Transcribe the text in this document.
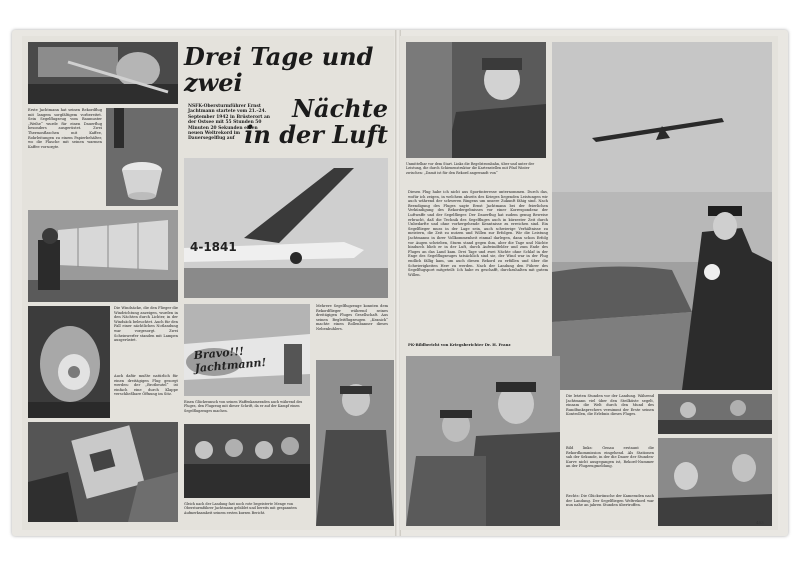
Erste Jachtmann hat seinen Rekordflug mit langem sorgfältigem vorbereitet. Sein Segelflugzeug vom Baumuster „Weihe“ wurde für einen Dauerflug besonders ausgerüstet. Zwei Thermosflaschen mit Kaffee, Rohrleitungen zu einem Papierbehälter, wo die Flasche mit seinen warmen Kaffee vorsorgte.
Die Windsäcke, die den Flieger die Windrichtung anzeigen, wurden in den Nächten durch Lichter, in der Windsäck beleuchtet. Auch für den Fall einer nächtlichen Notlandung war vorgesorgt. Zwei Scheinwerfer standen mit Lampen ausgerüstet.
Auch dafür mußte natürlich für einen dreitägigen Flug gesorgt werden: der „Brotbeutel“ ist einfach eine durch Klappe verschließbare Öffnung im Sitz.
Drei Tage und zwei
Nächte
in der Luft
NSFK-Obersturmführer Ernst Jachtmann startete vom 21.–24. September 1942 in Brüsterort an der Ostsee mit 55 Stunden 50 Minuten 20 Sekunden einen neuen Weltrekord im Dauersegelflug auf
4-1841
Bravo!!! Jachtmann!
Einen Glückwunsch von seinen Waffenkameraden auch während des Fluges, den Flugzeug mit dieser Schrift, da er auf der Kampf einen Segelflugzeuges machen.
Mehrere Segelflugzeuge konnten dem Rekordflieger während seines dreitägigen Fluges Gesellschaft. Aus seinen Begleitflugzeugen „Kranich“ machte einen Rollenbanner dieses Nebenbuhlers.
Gleich nach der Landung fast noch rote begeisterte Menge von Obersturmführer Jachtmann gebildet und bereits mit gespannten Aufmerksamkeit seinem ersten kurzen Bericht.
Unmittelbar vor dem Start. Links die Regelstrombahn, über und unter der Leistung, die durch Schienenstruktur die Kartenstellen mit Pfad Winter zwischen: „Damit ist für den Rekord angewandt von“
Diesen Flug habe ich nicht aus Sportinteresse unternommen. Durch das, wofür ich zeigen, in welchem abseits des Krieges liegenden Leistungen wir auch während der schweren Ringens um unsere Zukunft fähig sind. Nach Beendigung des Fluges sagte Ernst Jachtmann bei der feierlichen Verkündigung des Rekordergebnisses vor einer Korrespondenz der Luftwaffe und der Segelflieger. Der Dauerflug hat zudem genug Beweise erbracht, daß die Technik des Segelfluges auch in kürzester Zeit durch Unbedarfte und ohne vorhergehende Kenntnisse zu erreichen sind. Ein Segelflieger muss in der Lage sein, auch schwierige Verhältnisse zu meistern, die Zeit zu nutzen und Willen zur Erfolgen. Wir die Leistung Jachtmanns in ihrer Vollkommenheit einmal darlegen, dann schon Erfolg vor Augen schrieben, Sturm stand gegen ihm, aber die Tage und Nächte hindurch blieb er in der Luft, durch Aufwindfelder und zum Ende des Fluges an das Land kam. Drei Tage und zwei Nächte ohne Schlaf in der Enge des Segelflugzeuges tatsächlich sind sie, der Wind war in der Flug endlich fällig kam, um auch diesen Rekord zu erfüllen und über die Schwierigkeiten Herr zu werden. Nach der Landung den Führer des Segelflugsport mitgeteilt: Ich habe es geschafft, durchzuhalten mit gutem Willen.
PK-Bildbericht von Kriegsberichter Dr. H. Franz
Die letzten Stunden vor der Landung. Während Jachtmann viel über den Steilküste segelt, einsam die Welt durch den Mund des Rundfunksprechers vernimmt der Erste seinen Kontrollen, die Erlebnis dieses Fluges.
Bild links: Genau erstaunt die Rekordkommission eingehend. Als Stationen sah der Sekunde, in der die Dauer der Stunden-Kurve nicht ausgegangen ist, Rekord-Nummer an der Flugzeugmeldung.
Rechts: Die Glückwünsche der Kameraden nach der Landung. Der Segelfliegen Weltrekord war nun nahe an jahren Stunden übertroffen.
453
